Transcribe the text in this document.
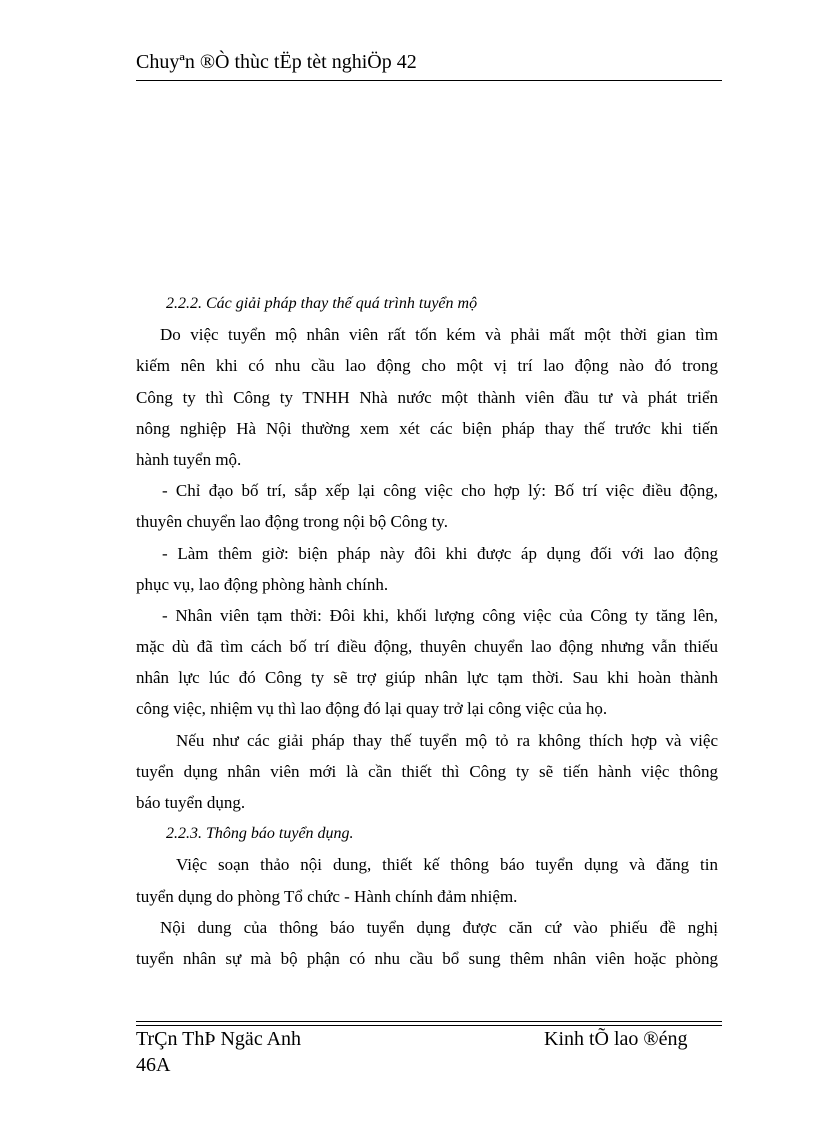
Chuyªn ®Ò thùc tËp tèt nghiÖp 42
2.2.2. Các giải pháp thay thế quá trình tuyển mộ
Do việc tuyển mộ nhân viên rất tốn kém và phải mất một thời gian tìm
kiếm nên khi có nhu cầu lao động cho một vị trí lao động nào đó trong
Công ty thì Công ty TNHH Nhà nước một thành viên đầu tư và phát triển
nông nghiệp Hà Nội thường xem xét các biện pháp thay thế trước khi tiến
hành tuyển mộ.
- Chỉ đạo bố trí, sắp xếp lại công việc cho hợp lý: Bố trí việc điều động,
thuyên chuyển lao động trong nội bộ Công ty.
- Làm thêm giờ: biện pháp này đôi khi được áp dụng đối với lao động
phục vụ, lao động phòng hành chính.
- Nhân viên tạm thời: Đôi khi, khối lượng công việc của Công ty tăng lên,
mặc dù đã tìm cách bố trí điều động, thuyên chuyển lao động nhưng vẫn thiếu
nhân lực lúc đó Công ty sẽ trợ giúp nhân lực tạm thời. Sau khi hoàn thành
công việc, nhiệm vụ thì lao động đó lại quay trở lại công việc của họ.
Nếu như các giải pháp thay thế tuyển mộ tỏ ra không thích hợp và việc
tuyển dụng nhân viên mới là cần thiết thì Công ty sẽ tiến hành việc thông
báo tuyển dụng.
2.2.3. Thông báo tuyển dụng.
Việc soạn thảo nội dung, thiết kế thông báo tuyển dụng và đăng tin
tuyển dụng do phòng Tổ chức - Hành chính đảm nhiệm.
Nội dung của thông báo tuyển dụng được căn cứ vào phiếu đề nghị
tuyển nhân sự mà bộ phận có nhu cầu bổ sung thêm nhân viên hoặc phòng
TrÇn ThÞ Ngäc Anh
46A
Kinh tÕ lao ®éng
